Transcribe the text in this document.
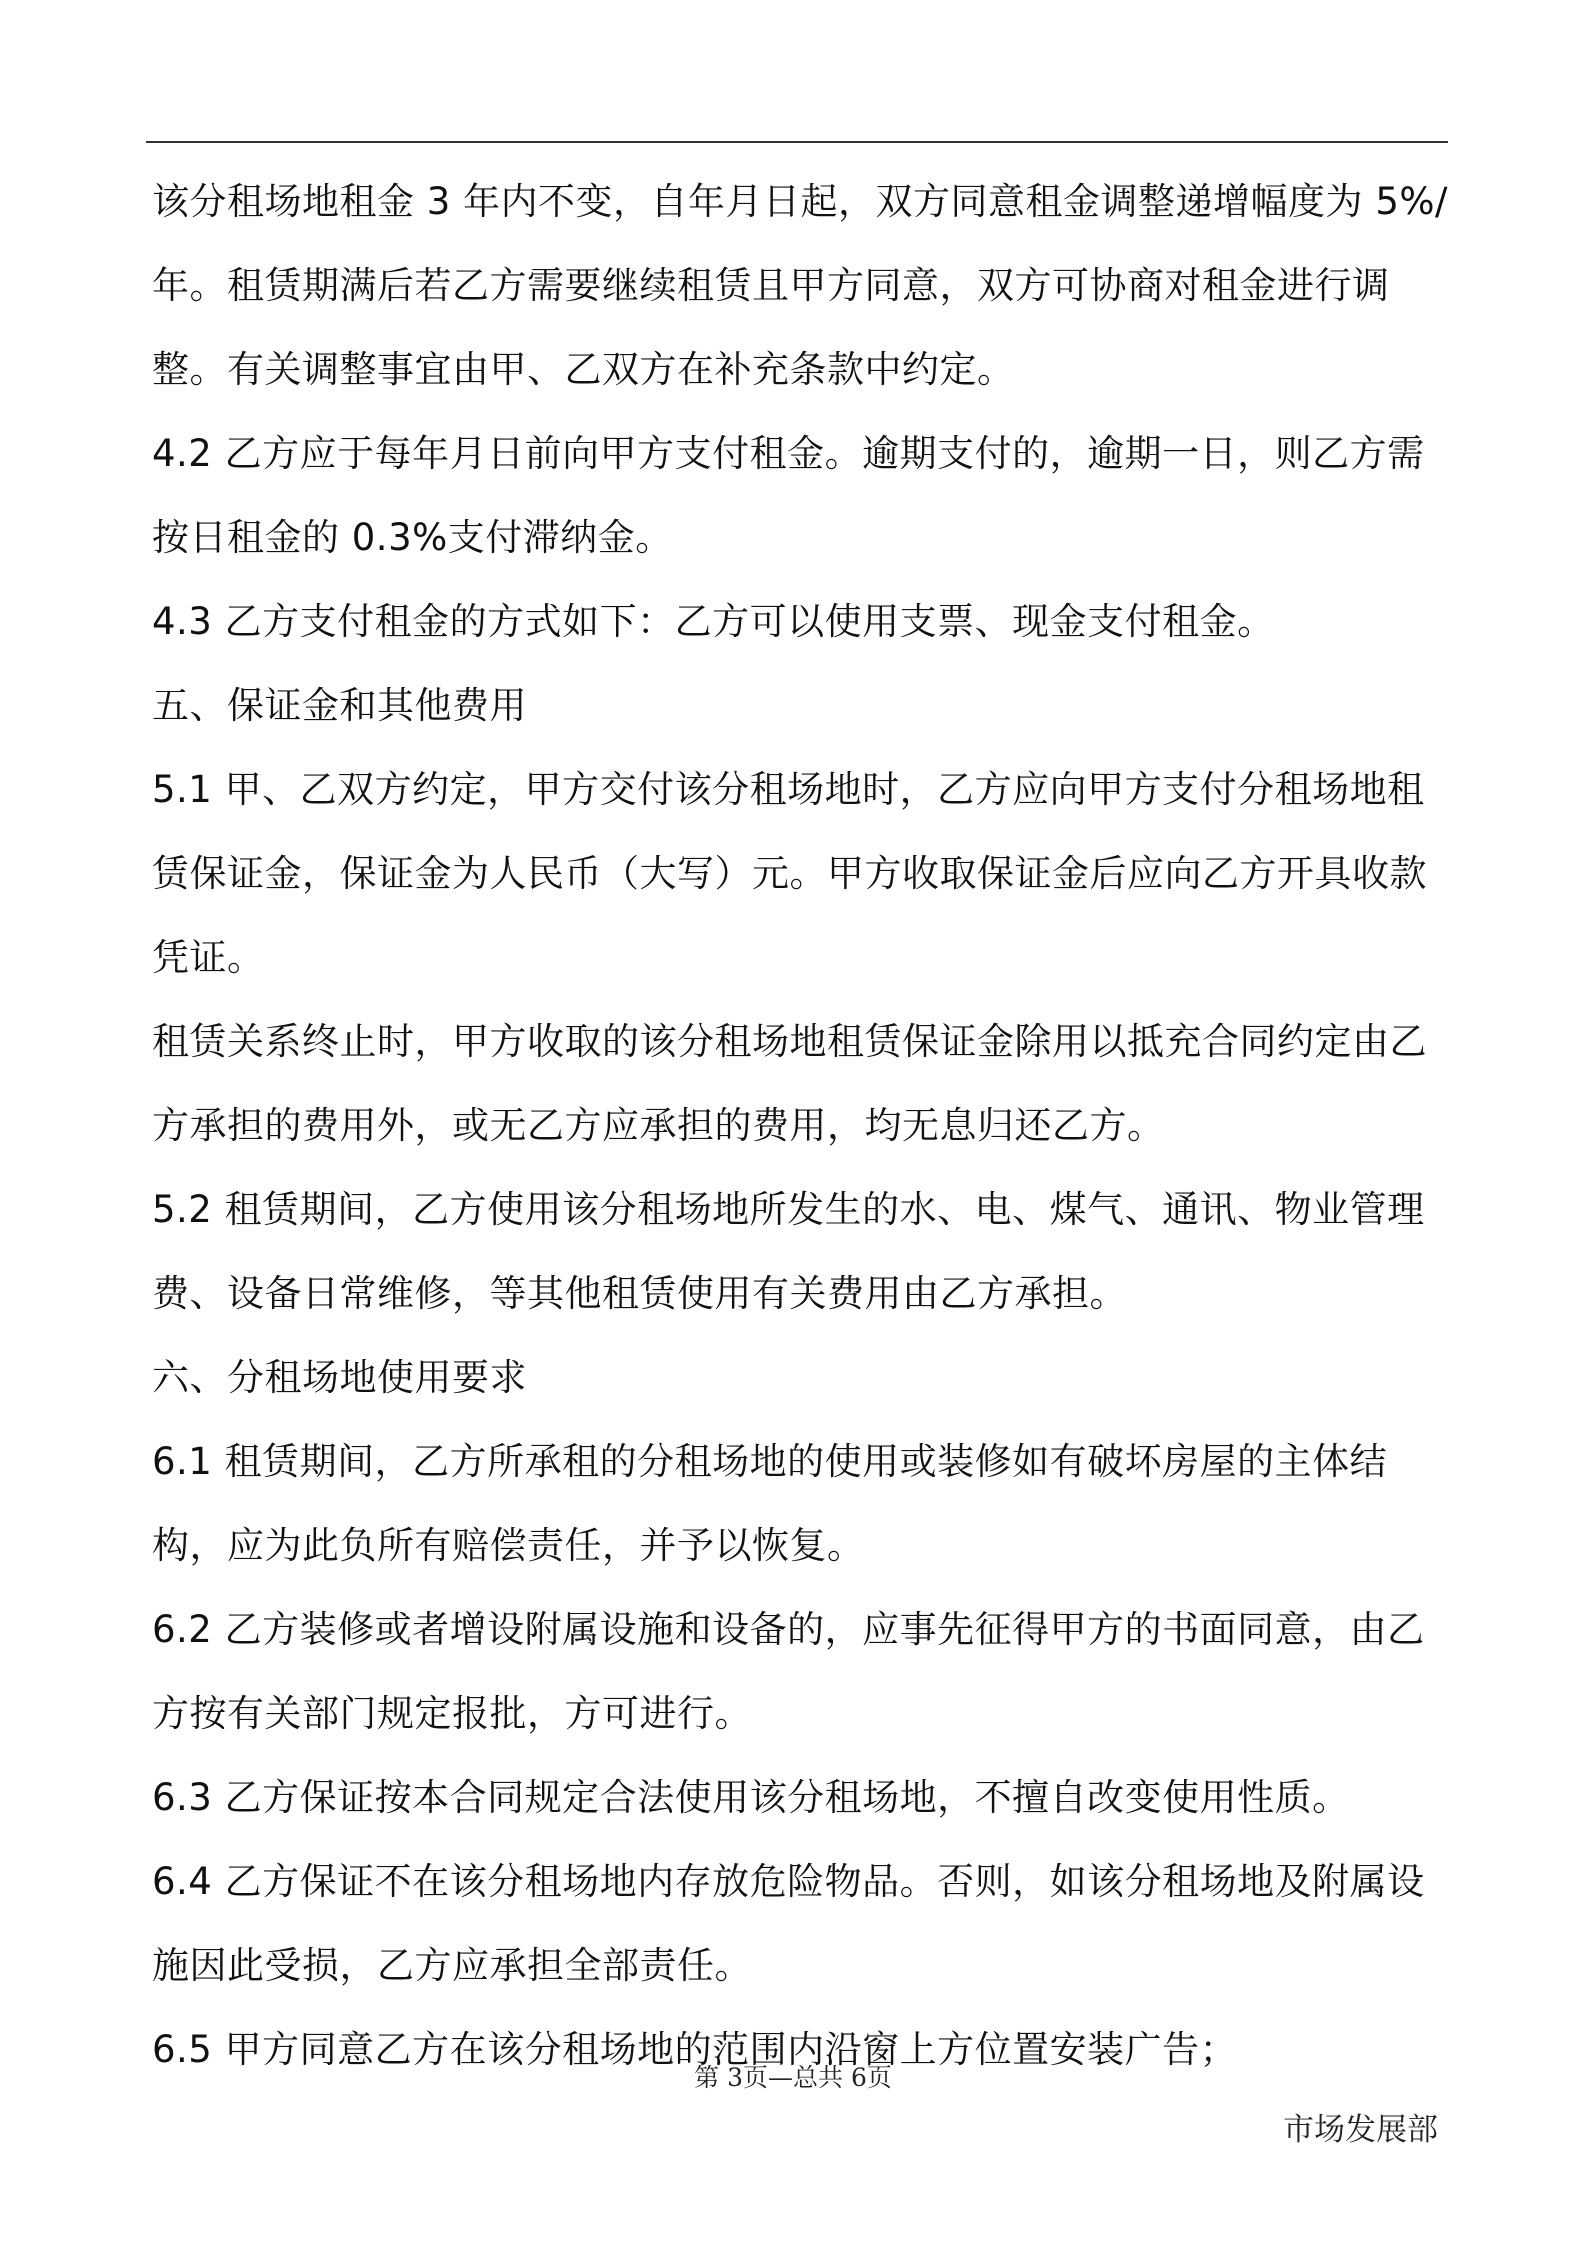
该分租场地租金 3 年内不变，自年月日起，双方同意租金调整递增幅度为 5%/年。租赁期满后若乙方需要继续租赁且甲方同意，双方可协商对租金进行调整。有关调整事宜由甲、乙双方在补充条款中约定。

4.2 乙方应于每年月日前向甲方支付租金。逾期支付的，逾期一日，则乙方需按日租金的 0.3%支付滞纳金。

4.3 乙方支付租金的方式如下：乙方可以使用支票、现金支付租金。

五、保证金和其他费用

5.1 甲、乙双方约定，甲方交付该分租场地时，乙方应向甲方支付分租场地租赁保证金，保证金为人民币（大写）元。甲方收取保证金后应向乙方开具收款凭证。

租赁关系终止时，甲方收取的该分租场地租赁保证金除用以抵充合同约定由乙方承担的费用外，或无乙方应承担的费用，均无息归还乙方。

5.2 租赁期间，乙方使用该分租场地所发生的水、电、煤气、通讯、物业管理费、设备日常维修，等其他租赁使用有关费用由乙方承担。

六、分租场地使用要求

6.1 租赁期间，乙方所承租的分租场地的使用或装修如有破坏房屋的主体结构，应为此负所有赔偿责任，并予以恢复。

6.2 乙方装修或者增设附属设施和设备的，应事先征得甲方的书面同意，由乙方按有关部门规定报批，方可进行。

6.3 乙方保证按本合同规定合法使用该分租场地，不擅自改变使用性质。

6.4 乙方保证不在该分租场地内存放危险物品。否则，如该分租场地及附属设施因此受损，乙方应承担全部责任。

6.5 甲方同意乙方在该分租场地的范围内沿窗上方位置安装广告；

第 3页—总共 6页
市场发展部
